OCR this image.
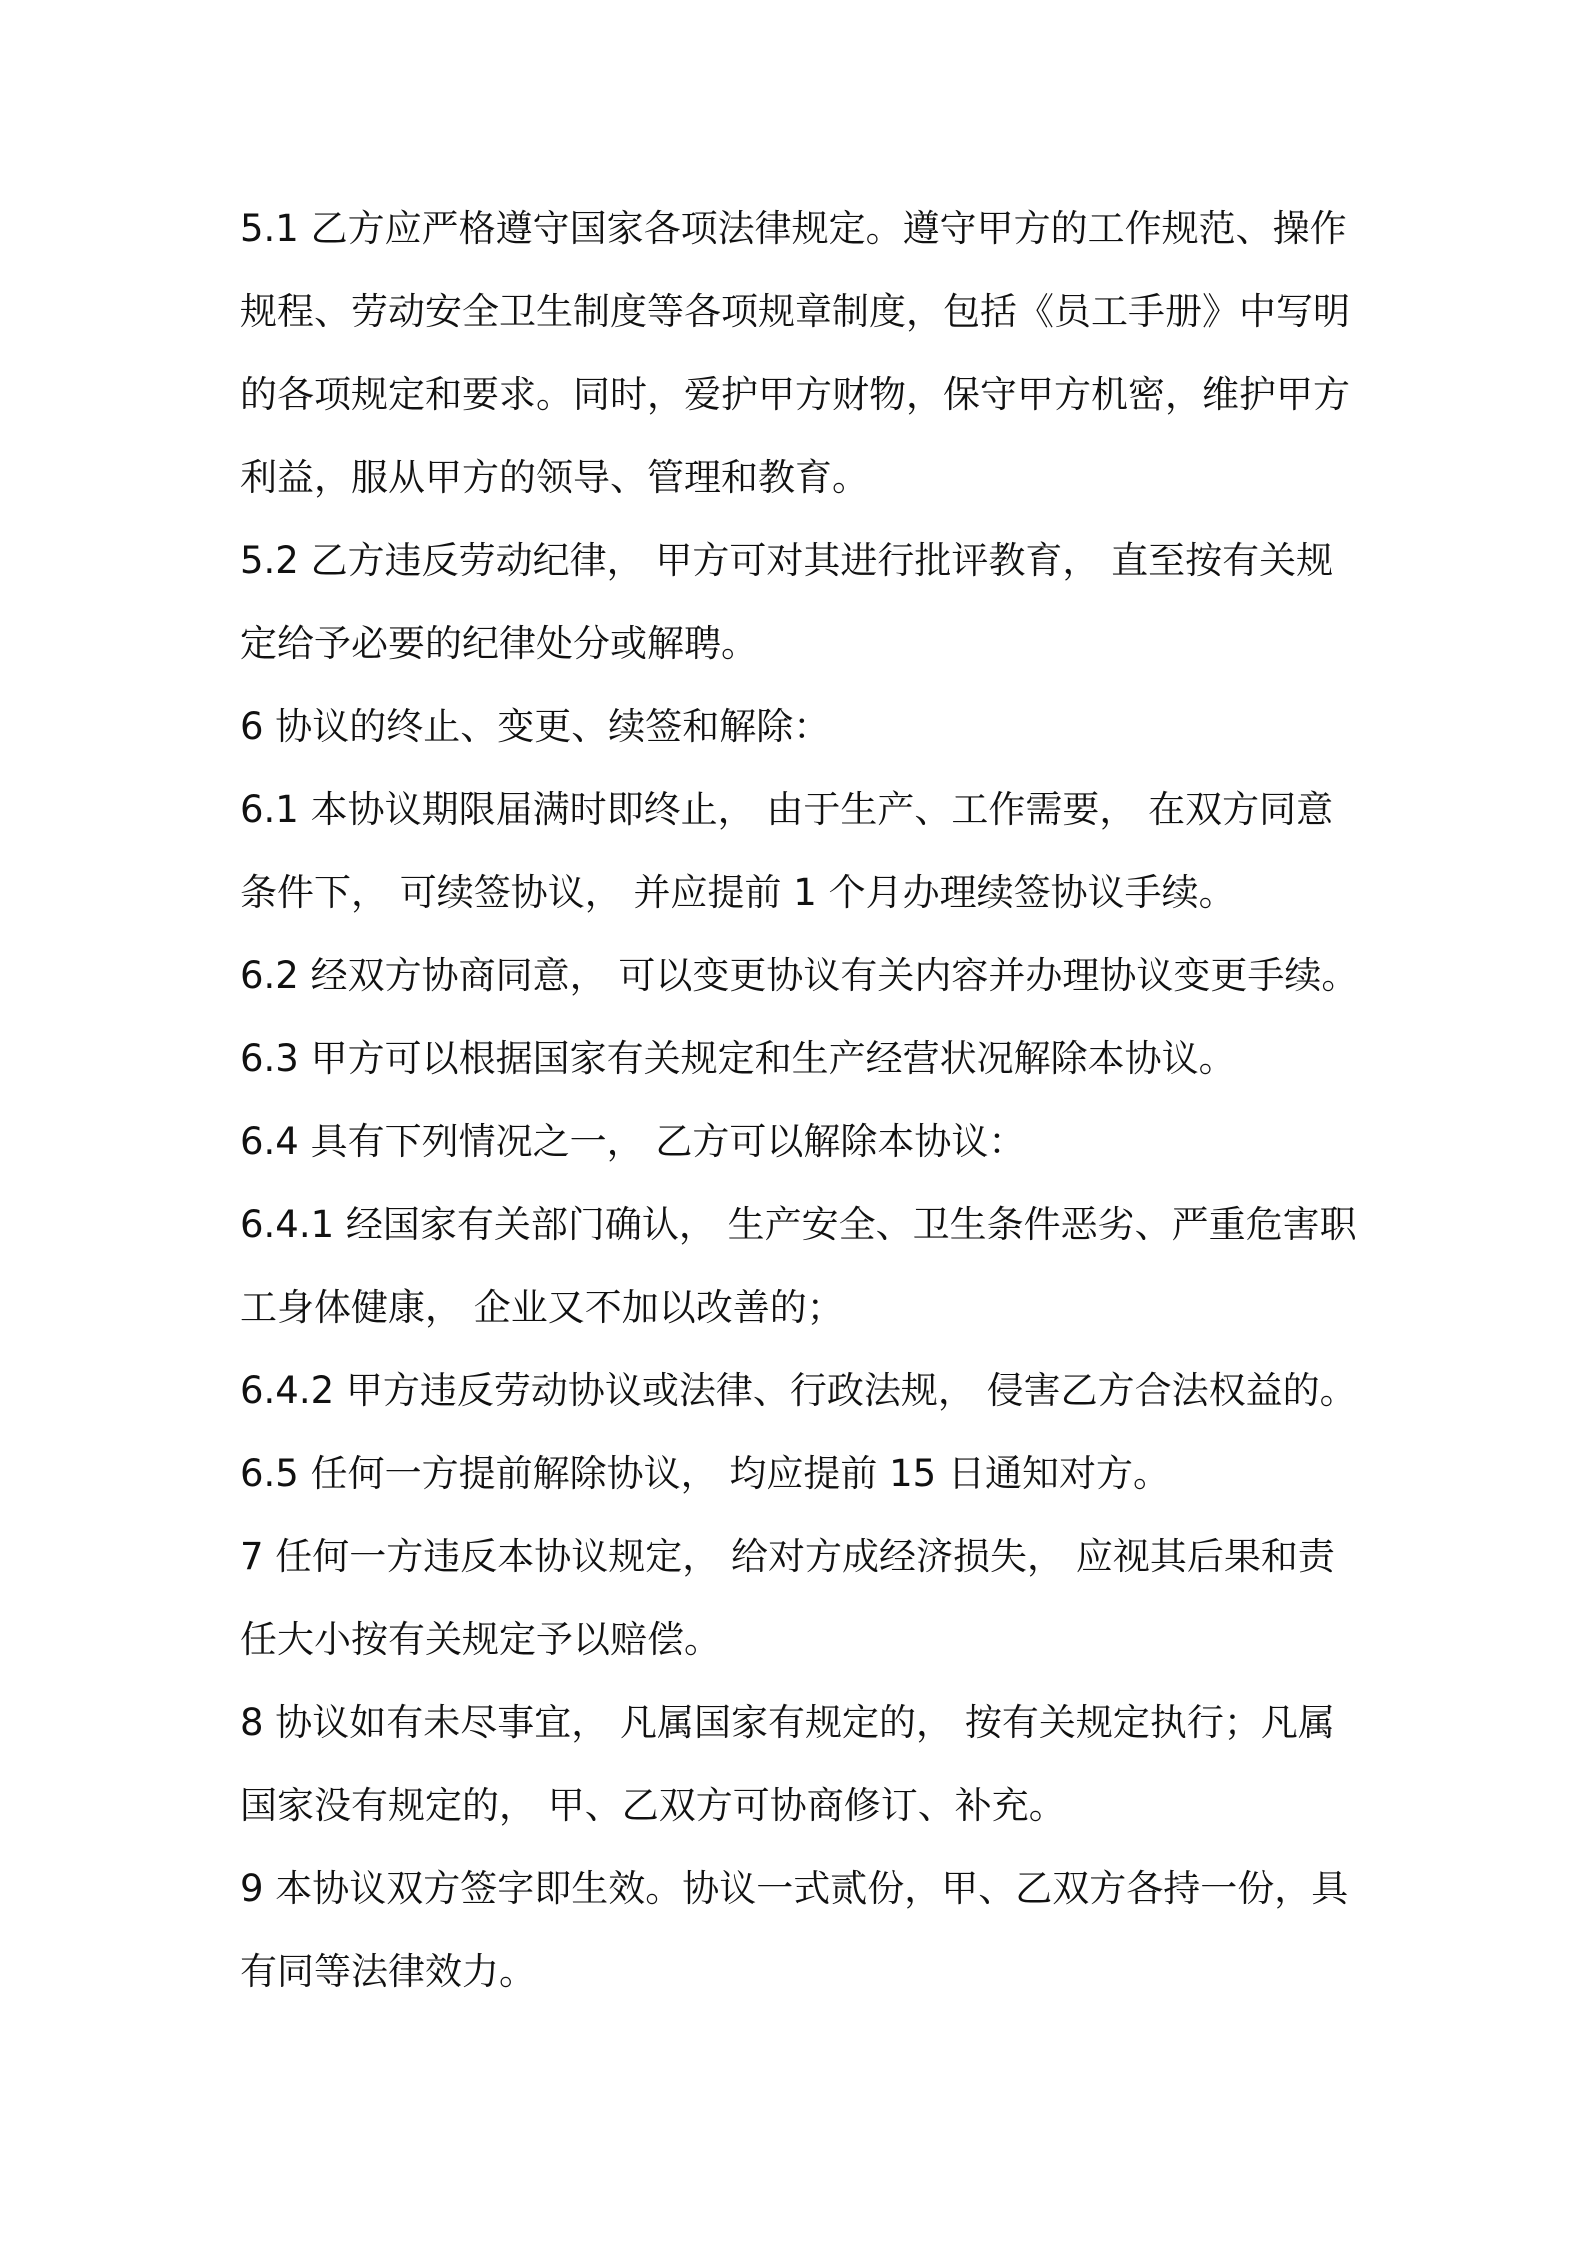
5.1 乙方应严格遵守国家各项法律规定。遵守甲方的工作规范、操作规程、劳动安全卫生制度等各项规章制度，包括《员工手册》中写明的各项规定和要求。同时，爱护甲方财物，保守甲方机密，维护甲方利益，服从甲方的领导、管理和教育。

5.2 乙方违反劳动纪律， 甲方可对其进行批评教育， 直至按有关规定给予必要的纪律处分或解聘。

6 协议的终止、变更、续签和解除：

6.1 本协议期限届满时即终止， 由于生产、工作需要， 在双方同意条件下， 可续签协议， 并应提前 1 个月办理续签协议手续。

6.2 经双方协商同意， 可以变更协议有关内容并办理协议变更手续。

6.3 甲方可以根据国家有关规定和生产经营状况解除本协议。

6.4 具有下列情况之一， 乙方可以解除本协议：

6.4.1 经国家有关部门确认， 生产安全、卫生条件恶劣、严重危害职工身体健康， 企业又不加以改善的；

6.4.2 甲方违反劳动协议或法律、行政法规， 侵害乙方合法权益的。

6.5 任何一方提前解除协议， 均应提前 15 日通知对方。

7 任何一方违反本协议规定， 给对方成经济损失， 应视其后果和责任大小按有关规定予以赔偿。

8 协议如有未尽事宜， 凡属国家有规定的， 按有关规定执行；凡属国家没有规定的， 甲、乙双方可协商修订、补充。

9 本协议双方签字即生效。协议一式贰份，甲、乙双方各持一份，具有同等法律效力。
